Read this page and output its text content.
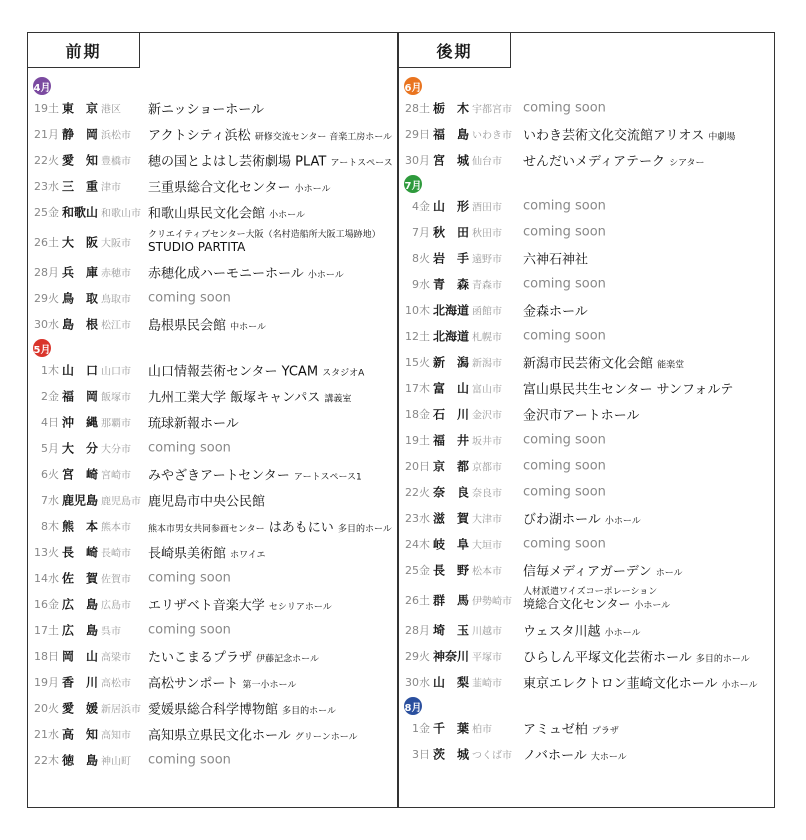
前期
4月
19土 東　京 港区 新ニッショーホール
21月 静　岡 浜松市 アクトシティ浜松 研修交流センター 音楽工房ホール
22火 愛　知 豊橋市 穂の国とよはし芸術劇場 PLAT アートスペース
23水 三　重 津市 三重県総合文化センター 小ホール
25金 和歌山 和歌山市 和歌山県民文化会館 小ホール
26土 大　阪 大阪市
クリエイティブセンター大阪（名村造船所大阪工場跡地）
STUDIO PARTITA
28月 兵　庫 赤穂市 赤穂化成ハーモニーホール 小ホール
29火 鳥　取 鳥取市 coming soon
30水 島　根 松江市 島根県民会館 中ホール
5月
1木 山　口 山口市 山口情報芸術センター YCAM スタジオA
2金 福　岡 飯塚市 九州工業大学 飯塚キャンパス 講義室
4日 沖　縄 那覇市 琉球新報ホール
5月 大　分 大分市 coming soon
6火 宮　崎 宮崎市 みやざきアートセンター アートスペース1
7水 鹿児島 鹿児島市 鹿児島市中央公民館
8木 熊　本 熊本市 熊本市男女共同参画センター はあもにい 多目的ホール
13火 長　崎 長崎市 長崎県美術館 ホワイエ
14水 佐　賀 佐賀市 coming soon
16金 広　島 広島市 エリザベト音楽大学 セシリアホール
17土 広　島 呉市 coming soon
18日 岡　山 高梁市 たいこまるプラザ 伊藤記念ホール
19月 香　川 高松市 高松サンポート 第一小ホール
20火 愛　媛 新居浜市 愛媛県総合科学博物館 多目的ホール
21水 高　知 高知市 高知県立県民文化ホール グリーンホール
22木 徳　島 神山町 coming soon
後期
6月
28土 栃　木 宇都宮市 coming soon
29日 福　島 いわき市 いわき芸術文化交流館アリオス 中劇場
30月 宮　城 仙台市 せんだいメディアテーク シアター
7月
4金 山　形 酒田市 coming soon
7月 秋　田 秋田市 coming soon
8火 岩　手 遠野市 六神石神社
9水 青　森 青森市 coming soon
10木 北海道 函館市 金森ホール
12土 北海道 札幌市 coming soon
15火 新　潟 新潟市 新潟市民芸術文化会館 能楽堂
17木 富　山 富山市 富山県民共生センター サンフォルテ
18金 石　川 金沢市 金沢市アートホール
19土 福　井 坂井市 coming soon
20日 京　都 京都市 coming soon
22火 奈　良 奈良市 coming soon
23水 滋　賀 大津市 びわ湖ホール 小ホール
24木 岐　阜 大垣市 coming soon
25金 長　野 松本市 信毎メディアガーデン ホール
26土 群　馬 伊勢崎市
人材派遣ワイズコーポレーション
境総合文化センター 小ホール
28月 埼　玉 川越市 ウェスタ川越 小ホール
29火 神奈川 平塚市 ひらしん平塚文化芸術ホール 多目的ホール
30水 山　梨 韮崎市 東京エレクトロン韮崎文化ホール 小ホール
8月
1金 千　葉 柏市 アミュゼ柏 プラザ
3日 茨　城 つくば市 ノバホール 大ホール
